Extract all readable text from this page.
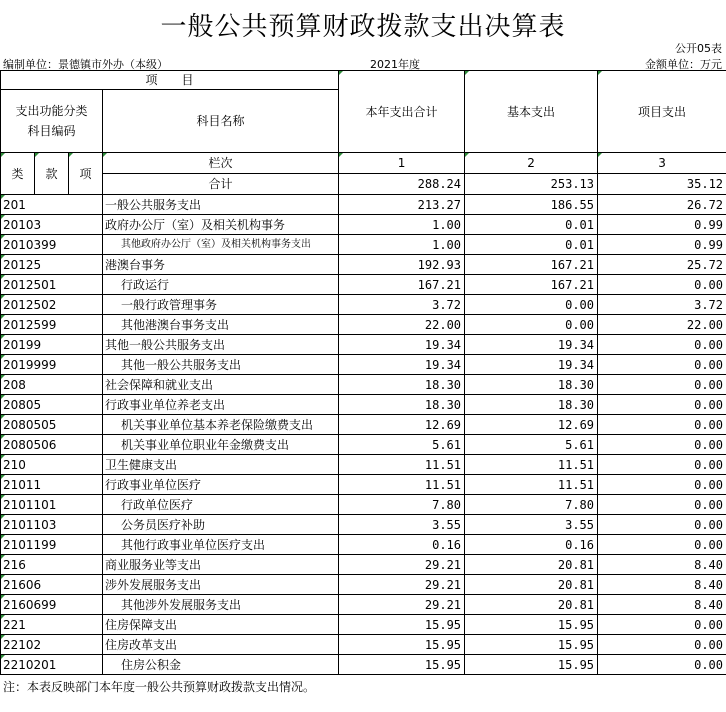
一般公共预算财政拨款支出决算表
公开05表
编制单位：景德镇市外办（本级）	2021年度	金额单位：万元
项　　目				本年支出合计	基本支出	项目支出
支出功能分类
科目编码			科目名称			

类	款	项	栏次	1	2	3
			合计	288.24	253.13	35.12
201			一般公共服务支出	213.27	186.55	26.72
20103			政府办公厅（室）及相关机构事务	1.00	0.01	0.99
2010399			其他政府办公厅（室）及相关机构事务支出	1.00	0.01	0.99
20125			港澳台事务	192.93	167.21	25.72
2012501			行政运行	167.21	167.21	0.00
2012502			一般行政管理事务	3.72	0.00	3.72
2012599			其他港澳台事务支出	22.00	0.00	22.00
20199			其他一般公共服务支出	19.34	19.34	0.00
2019999			其他一般公共服务支出	19.34	19.34	0.00
208			社会保障和就业支出	18.30	18.30	0.00
20805			行政事业单位养老支出	18.30	18.30	0.00
2080505			机关事业单位基本养老保险缴费支出	12.69	12.69	0.00
2080506			机关事业单位职业年金缴费支出	5.61	5.61	0.00
210			卫生健康支出	11.51	11.51	0.00
21011			行政事业单位医疗	11.51	11.51	0.00
2101101			行政单位医疗	7.80	7.80	0.00
2101103			公务员医疗补助	3.55	3.55	0.00
2101199			其他行政事业单位医疗支出	0.16	0.16	0.00
216			商业服务业等支出	29.21	20.81	8.40
21606			涉外发展服务支出	29.21	20.81	8.40
2160699			其他涉外发展服务支出	29.21	20.81	8.40
221			住房保障支出	15.95	15.95	0.00
22102			住房改革支出	15.95	15.95	0.00
2210201			住房公积金	15.95	15.95	0.00
注：本表反映部门本年度一般公共预算财政拨款支出情况。
